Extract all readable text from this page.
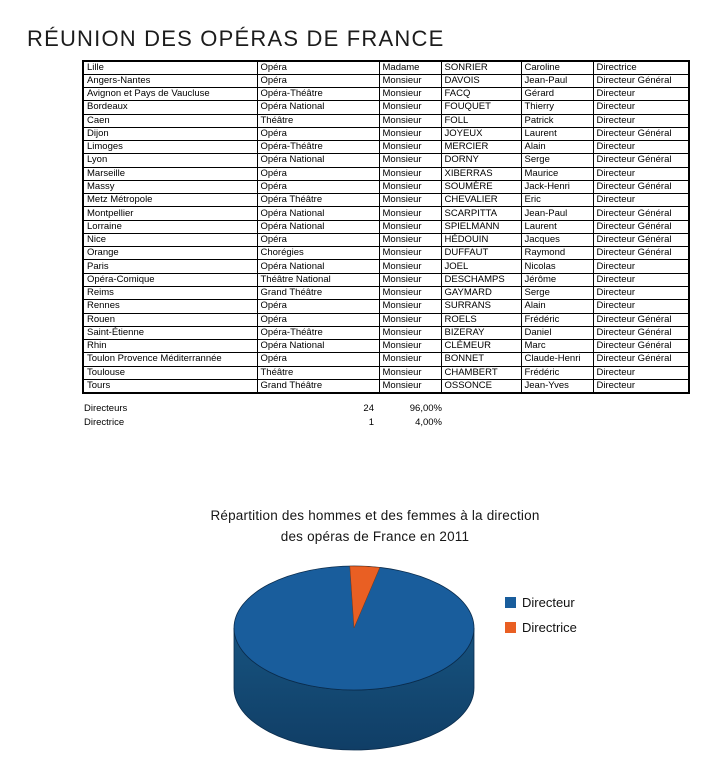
RÉUNION DES OPÉRAS DE FRANCE
Lille	Opéra	Madame	SONRIER	Caroline	Directrice
Angers-Nantes	Opéra	Monsieur	DAVOIS	Jean-Paul	Directeur Général
Avignon et Pays de Vaucluse	Opéra-Théâtre	Monsieur	FACQ	Gérard	Directeur
Bordeaux	Opéra National	Monsieur	FOUQUET	Thierry	Directeur
Caen	Théâtre	Monsieur	FOLL	Patrick	Directeur
Dijon	Opéra	Monsieur	JOYEUX	Laurent	Directeur Général
Limoges	Opéra-Théâtre	Monsieur	MERCIER	Alain	Directeur
Lyon	Opéra National	Monsieur	DORNY	Serge	Directeur Général
Marseille	Opéra	Monsieur	XIBERRAS	Maurice	Directeur
Massy	Opéra	Monsieur	SOUMÈRE	Jack-Henri	Directeur Général
Metz Métropole	Opéra Théâtre	Monsieur	CHEVALIER	Eric	Directeur
Montpellier	Opéra National	Monsieur	SCARPITTA	Jean-Paul	Directeur Général
Lorraine	Opéra National	Monsieur	SPIELMANN	Laurent	Directeur Général
Nice	Opéra	Monsieur	HÉDOUIN	Jacques	Directeur Général
Orange	Chorégies	Monsieur	DUFFAUT	Raymond	Directeur Général
Paris	Opéra National	Monsieur	JOEL	Nicolas	Directeur
Opéra-Comique	Théâtre National	Monsieur	DESCHAMPS	Jérôme	Directeur
Reims	Grand Théâtre	Monsieur	GAYMARD	Serge	Directeur
Rennes	Opéra	Monsieur	SURRANS	Alain	Directeur
Rouen	Opéra	Monsieur	ROELS	Frédéric	Directeur Général
Saint-Étienne	Opéra-Théâtre	Monsieur	BIZERAY	Daniel	Directeur Général
Rhin	Opéra National	Monsieur	CLÉMEUR	Marc	Directeur Général
Toulon Provence Méditerrannée	Opéra	Monsieur	BONNET	Claude-Henri	Directeur Général
Toulouse	Théâtre	Monsieur	CHAMBERT	Frédéric	Directeur
Tours	Grand Théâtre	Monsieur	OSSONCE	Jean-Yves	Directeur
Directeurs	24	96,00%
Directrice	1	4,00%
Répartition des hommes et des femmes à la direction
des opéras de France en 2011
Directeur
Directrice
